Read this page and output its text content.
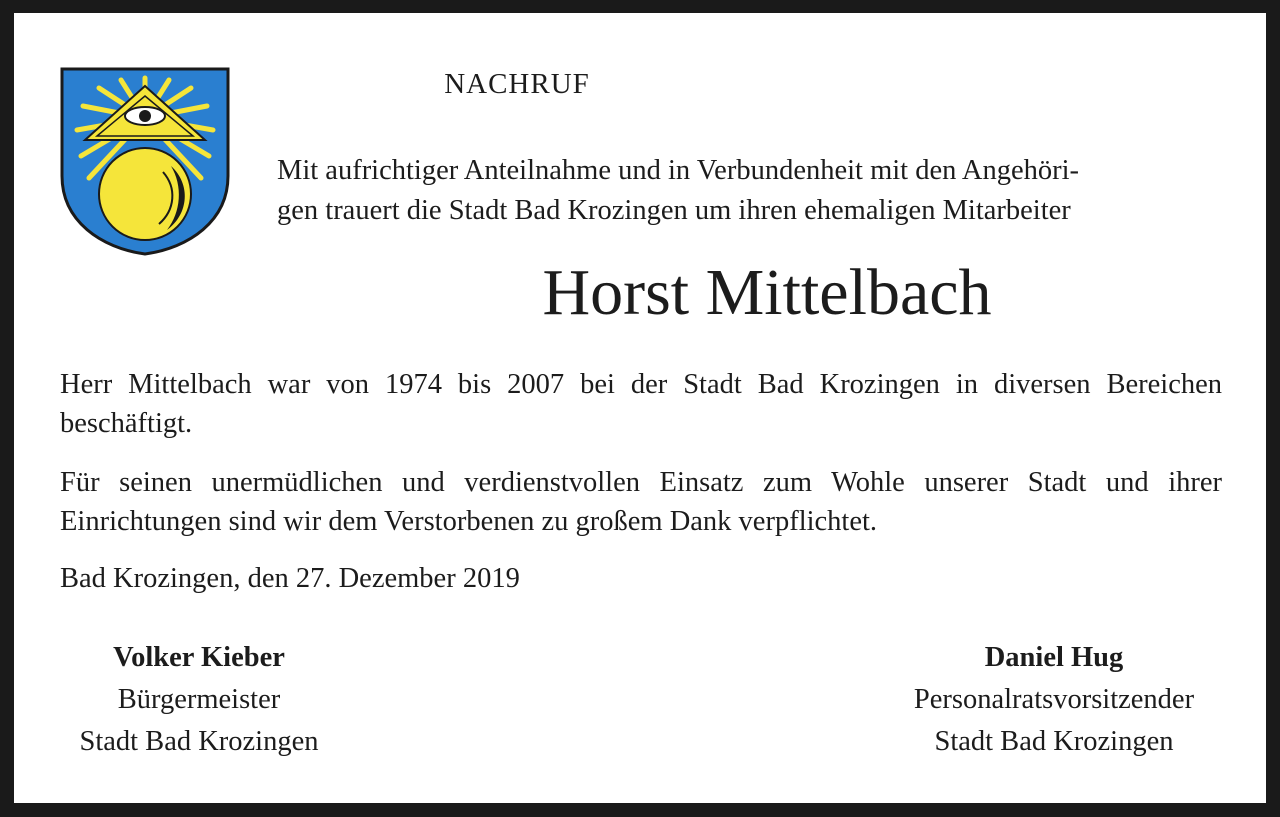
NACHRUF
Mit aufrichtiger Anteilnahme und in Verbundenheit mit den Angehöri-
gen trauert die Stadt Bad Krozingen um ihren ehemaligen Mitarbeiter
Horst Mittelbach
Herr Mittelbach war von 1974 bis 2007 bei der Stadt Bad Krozingen in diversen Bereichen beschäftigt.
Für seinen unermüdlichen und verdienstvollen Einsatz zum Wohle unserer Stadt und ihrer Einrichtungen sind wir dem Verstorbenen zu großem Dank verpflichtet.
Bad Krozingen, den 27. Dezember 2019
Volker Kieber
Bürgermeister
Stadt Bad Krozingen
Daniel Hug
Personalratsvorsitzender
Stadt Bad Krozingen
